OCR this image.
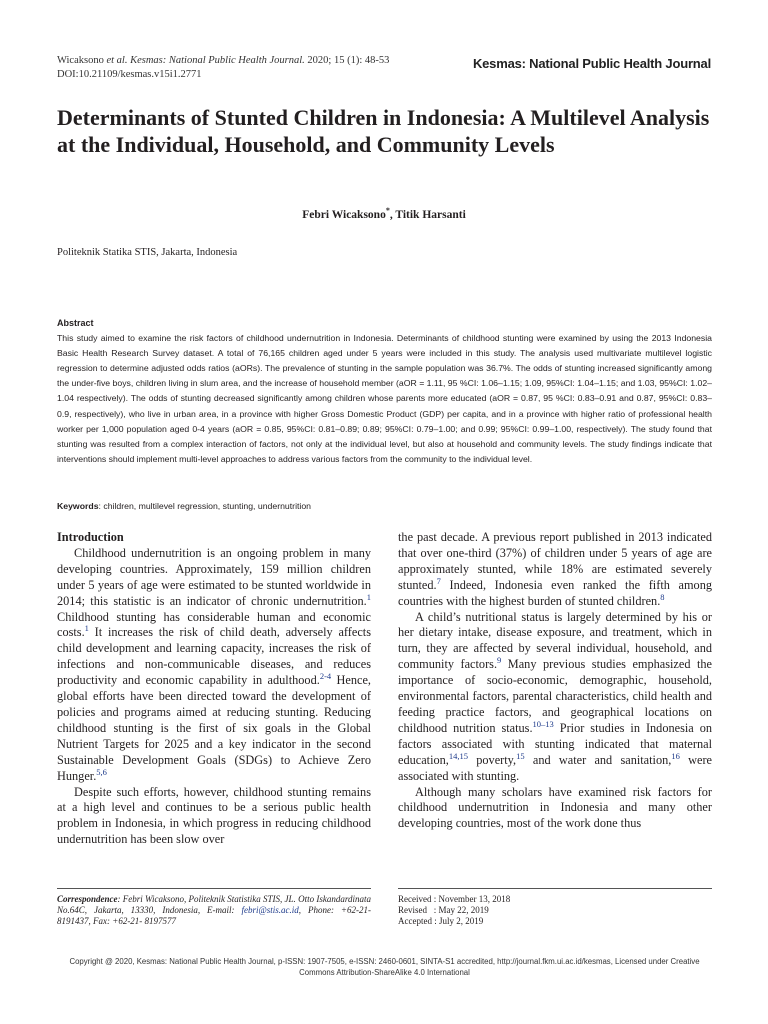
Wicaksono et al. Kesmas: National Public Health Journal. 2020; 15 (1): 48-53
DOI:10.21109/kesmas.v15i1.2771
Kesmas: National Public Health Journal
Determinants of Stunted Children in Indonesia: A Multilevel Analysis at the Individual, Household, and Community Levels
Febri Wicaksono*, Titik Harsanti
Politeknik Statika STIS, Jakarta, Indonesia
Abstract
This study aimed to examine the risk factors of childhood undernutrition in Indonesia. Determinants of childhood stunting were examined by using the 2013 Indonesia Basic Health Research Survey dataset. A total of 76,165 children aged under 5 years were included in this study. The analysis used multivariate multilevel logistic regression to determine adjusted odds ratios (aORs). The prevalence of stunting in the sample population was 36.7%. The odds of stunting increased significantly among the under-five boys, children living in slum area, and the increase of household member (aOR = 1.11, 95 %CI: 1.06–1.15; 1.09, 95%CI: 1.04–1.15; and 1.03, 95%CI: 1.02–1.04 respectively). The odds of stunting decreased significantly among children whose parents more educated (aOR = 0.87, 95 %CI: 0.83–0.91 and 0.87, 95%CI: 0.83–0.9, respectively), who live in urban area, in a province with higher Gross Domestic Product (GDP) per capita, and in a province with higher ratio of professional health worker per 1,000 population aged 0-4 years (aOR = 0.85, 95%CI: 0.81–0.89; 0.89; 95%CI: 0.79–1.00; and 0.99; 95%CI: 0.99–1.00, respectively). The study found that stunting was resulted from a complex interaction of factors, not only at the individual level, but also at household and community levels. The study findings indicate that interventions should implement multi-level approaches to address various factors from the community to the individual level.
Keywords: children, multilevel regression, stunting, undernutrition
Introduction

Childhood undernutrition is an ongoing problem in many developing countries. Approximately, 159 million children under 5 years of age were estimated to be stunted worldwide in 2014; this statistic is an indicator of chronic undernutrition.$^1$ Childhood stunting has considerable human and economic costs.$^1$ It increases the risk of child death, adversely affects child development and learning capacity, increases the risk of infections and non-communicable diseases, and reduces productivity and economic capability in adulthood.$^{2-4}$ Hence, global efforts have been directed toward the development of policies and programs aimed at reducing stunting. Reducing childhood stunting is the first of six goals in the Global Nutrient Targets for 2025 and a key indicator in the second Sustainable Development Goals (SDGs) to Achieve Zero Hunger.$^{5,6}$

Despite such efforts, however, childhood stunting remains at a high level and continues to be a serious public health problem in Indonesia, in which progress in reducing childhood undernutrition has been slow over

the past decade. A previous report published in 2013 indicated that over one-third (37%) of children under 5 years of age are approximately stunted, while 18% are estimated severely stunted.$^7$ Indeed, Indonesia even ranked the fifth among countries with the highest burden of stunted children.$^8$

A child’s nutritional status is largely determined by his or her dietary intake, disease exposure, and treatment, which in turn, they are affected by several individual, household, and community factors.$^9$ Many previous studies emphasized the importance of socio-economic, demographic, household, environmental factors, parental characteristics, child health and feeding practice factors, and geographical locations on childhood nutrition status.$^{10-13}$ Prior studies in Indonesia on factors associated with stunting indicated that maternal education,$^{14,15}$ poverty,$^{15}$ and water and sanitation,$^{16}$ were associated with stunting.

Although many scholars have examined risk factors for childhood undernutrition in Indonesia and many other developing countries, most of the work done thus

Correspondence: Febri Wicaksono, Politeknik Statistika STIS, JL. Otto Iskandardinata No.64C, Jakarta, 13330, Indonesia, E-mail: febri@stis.ac.id, Phone: +62-21- 8191437, Fax: +62-21- 8197577
Received : November 13, 2018
Revised   : May 22, 2019
Accepted : July 2, 2019
Copyright @ 2020, Kesmas: National Public Health Journal, p-ISSN: 1907-7505, e-ISSN: 2460-0601, SINTA-S1 accredited, http://journal.fkm.ui.ac.id/kesmas, Licensed under Creative
Commons Attribution-ShareAlike 4.0 International
